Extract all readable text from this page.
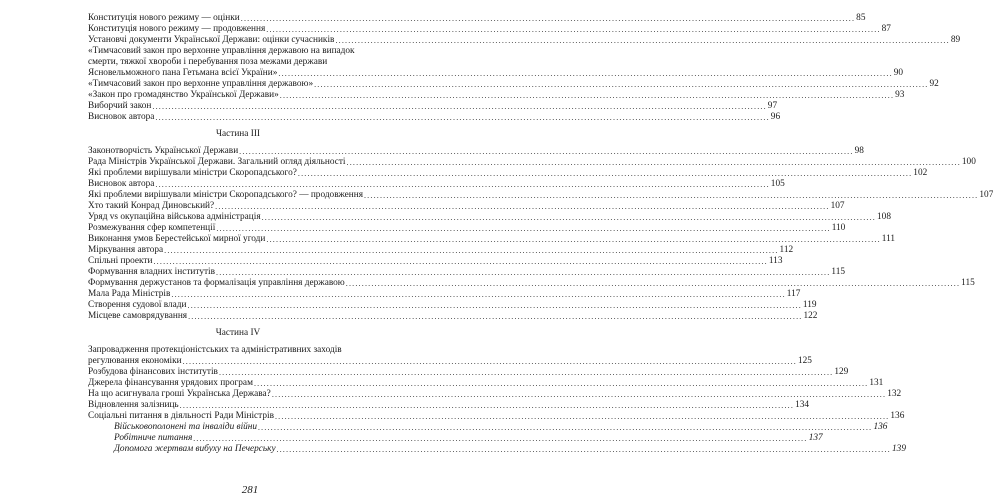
Конституція нового режиму — оцінки .....	85
Конституція нового режиму — продовження .....	87
Установчі документи Української Держави: оцінки сучасників .....	89
«Тимчасовий закон про верхонне управління державою на випадок
смерти, тяжкої хвороби і перебування поза межами держави
Ясновельможного пана Гетьмана всієї України» .....	90
«Тимчасовий закон про верхонне управління державою» .....	92
«Закон про громадянство Української Держави» .....	93
Виборчий закон .....	97
Висновок автора .....	96
Частина III
Законотворчість Української Держави .....	98
Рада Міністрів Української Держави. Загальний огляд діяльності .....	100
Які проблеми вирішували міністри Скоропадського? .....	102
Висновок автора .....	105
Які проблеми вирішували міністри Скоропадського? — продовження .....	107
Хто такий Конрад Диновський? .....	107
Уряд vs окупаційна військова адміністрація .....	108
Розмежування сфер компетенції .....	110
Виконання умов Берестейської мирної угоди .....	111
Міркування автора .....	112
Спільні проекти .....	113
Формування владних інститутів .....	115
Формування держустанов та формалізація управління державою .....	115
Мала Рада Міністрів .....	117
Створення судової влади .....	119
Місцеве самоврядування .....	122
Частина IV
Запровадження протекціоністських та адміністративних заходів
регулювання економіки .....	125
Розбудова фінансових інститутів .....	129
Джерела фінансування урядових програм .....	131
На що асигнувала гроші Українська Держава? .....	132
Відновлення залізниць .....	134
Соціальні питання в діяльності Ради Міністрів .....	136
Військовополонені та інваліди війни .....	136
Робітниче питання .....	137
Допомога жертвам вибуху на Печерську .....	139
281
